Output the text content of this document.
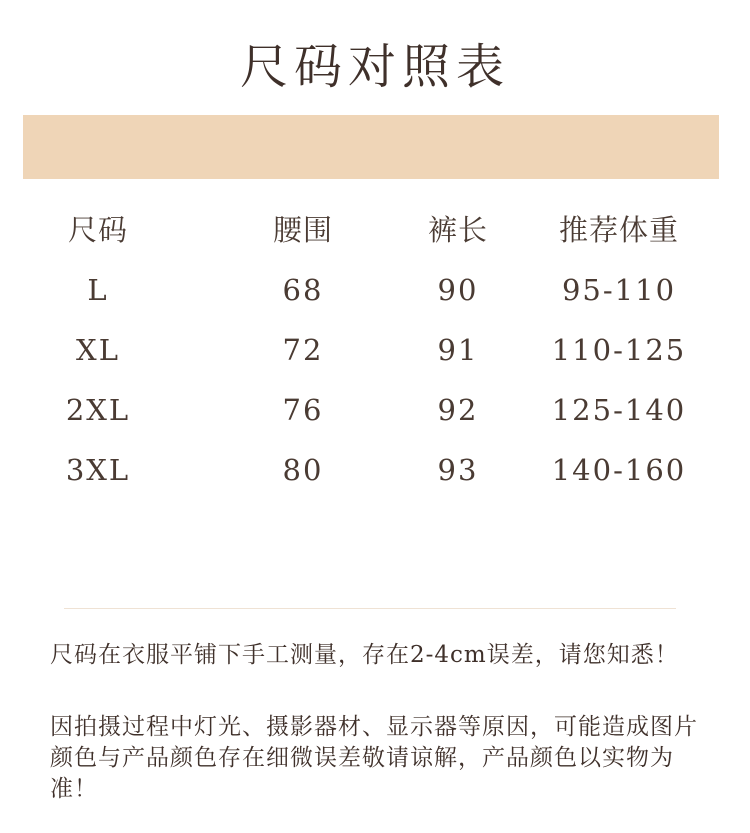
尺码对照表
尺码	腰围	裤长	推荐体重
L	68	90	95-110
XL	72	91	110-125
2XL	76	92	125-140
3XL	80	93	140-160
尺码在衣服平铺下手工测量，存在2-4cm误差，请您知悉！
因拍摄过程中灯光、摄影器材、显示器等原因，可能造成图片颜色与产品颜色存在细微误差敬请谅解，产品颜色以实物为准！
